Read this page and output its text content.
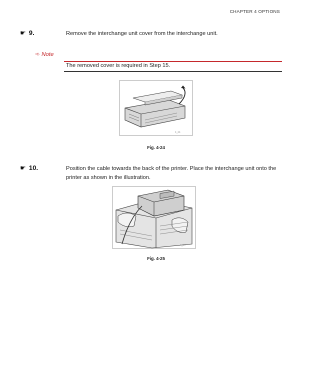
CHAPTER 4 OPTIONS
☛ 9.	Remove the interchange unit cover from the interchange unit.
➾ Note
The removed cover is required in Step 15.
4_24
Fig. 4-24
☛ 10.	Position the cable towards the back of the printer. Place the interchange unit onto the printer as shown in the illustration.
4_25
Fig. 4-25
